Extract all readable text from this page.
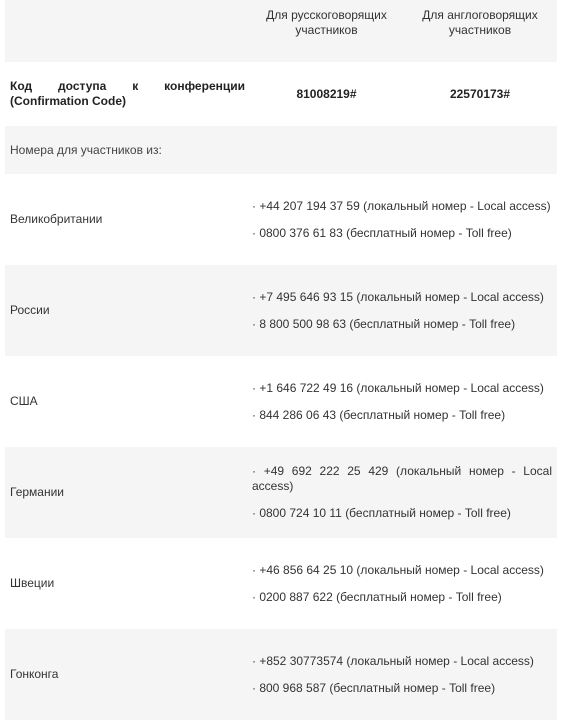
	Для русскоговорящих участников	Для англоговорящих участников

Код доступа к конференции
(Confirmation Code)	81008219#	22570173#
Номера для участников из:		
Великобритании	· +44 207 194 37 59 (локальный номер - Local access)
· 0800 376 61 83 (бесплатный номер - Toll free)	

России	· +7 495 646 93 15 (локальный номер - Local access)
· 8 800 500 98 63 (бесплатный номер - Toll free)	

США	· +1 646 722 49 16 (локальный номер - Local access)
· 844 286 06 43 (бесплатный номер - Toll free)	

Германии	· +49 692 222 25 429 (локальный номер - Local access)
· 0800 724 10 11 (бесплатный номер - Toll free)	

Швеции	· +46 856 64 25 10 (локальный номер - Local access)
· 0200 887 622 (бесплатный номер - Toll free)	

Гонконга	· +852 30773574 (локальный номер - Local access)
· 800 968 587 (бесплатный номер - Toll free)	
